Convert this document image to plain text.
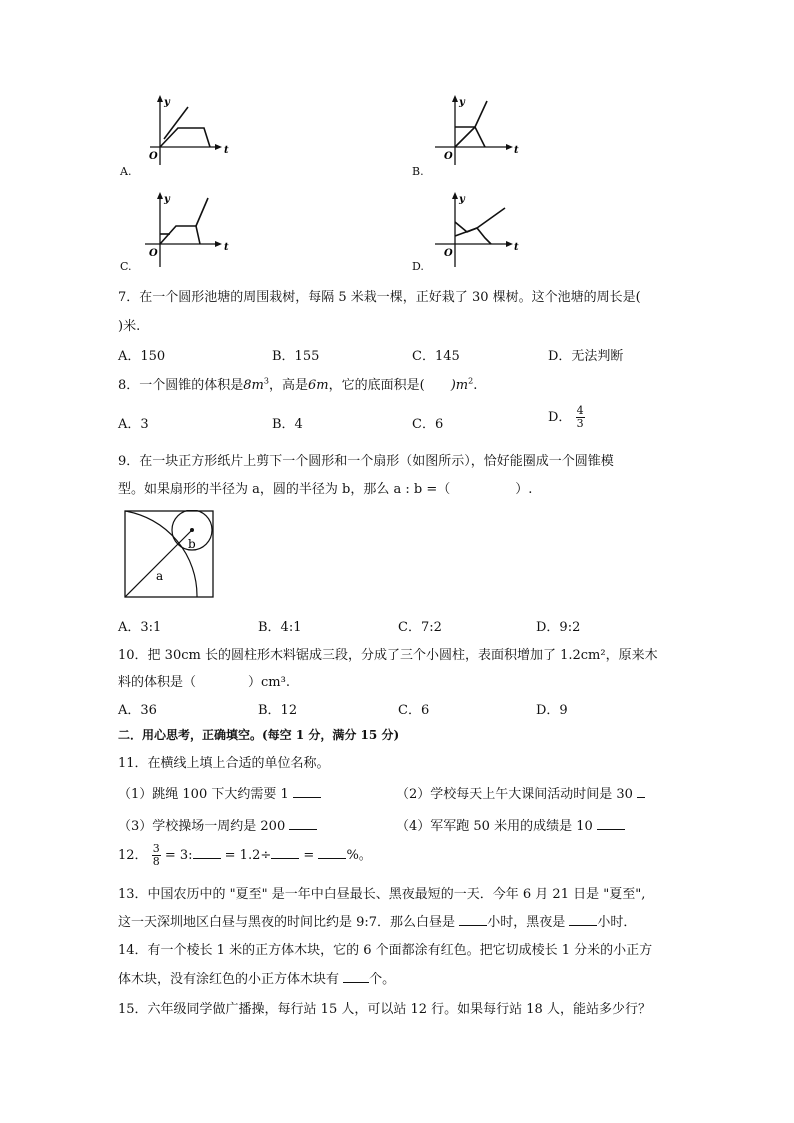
y
t
O
A.
y
t
O
B.
y
t
O
C.
y
t
O
D.
7．在一个圆形池塘的周围栽树，每隔 5 米栽一棵，正好栽了 30 棵树。这个池塘的周长是(
)米.
A．150	B．155	C．145	D．无法判断
8．一个圆锥的体积是$8m^3$，高是6m，它的底面积是( )$m^2$.
A．3	B．4	C．6	D． $\frac{4}{3}$
9．在一块正方形纸片上剪下一个圆形和一个扇形（如图所示），恰好能圈成一个圆锥模
型。如果扇形的半径为 a，圆的半径为 b，那么 a : b =（　　　　　）.
a
b
A．3:1	B．4:1	C．7:2	D．9:2
10．把 30cm 长的圆柱形木料锯成三段，分成了三个小圆柱，表面积增加了 1.2cm²，原来木
料的体积是（　　　　）cm³.
A．36	B．12	C．6	D．9
二．用心思考，正确填空。(每空 1 分，满分 15 分)
11．在横线上填上合适的单位名称。
（1）跳绳 100 下大约需要 1	（2）学校每天上午大课间活动时间是 30
（3）学校操场一周约是 200	（4）军军跑 50 米用的成绩是 10
12． $\frac{3}{8} = 3$: = 1.2÷ = %。
13．中国农历中的 "夏至" 是一年中白昼最长、黑夜最短的一天．今年 6 月 21 日是 "夏至",
这一天深圳地区白昼与黑夜的时间比约是 9:7．那么白昼是 小时，黑夜是 小时．
14．有一个棱长 1 米的正方体木块，它的 6 个面都涂有红色。把它切成棱长 1 分米的小正方
体木块，没有涂红色的小正方体木块有 个。
15．六年级同学做广播操，每行站 15 人，可以站 12 行。如果每行站 18 人，能站多少行？
